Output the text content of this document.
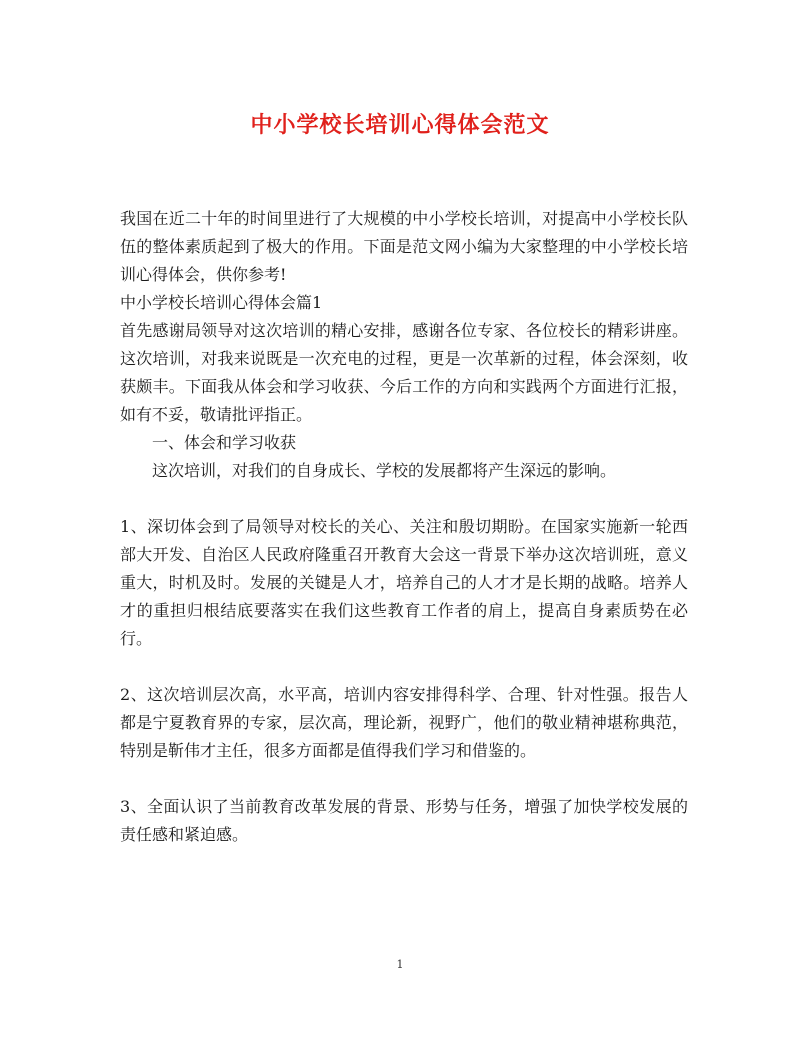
中小学校长培训心得体会范文

我国在近二十年的时间里进行了大规模的中小学校长培训，对提高中小学校长队伍的整体素质起到了极大的作用。下面是范文网小编为大家整理的中小学校长培训心得体会，供你参考!

中小学校长培训心得体会篇1

首先感谢局领导对这次培训的精心安排，感谢各位专家、各位校长的精彩讲座。这次培训，对我来说既是一次充电的过程，更是一次革新的过程，体会深刻，收获颇丰。下面我从体会和学习收获、今后工作的方向和实践两个方面进行汇报，如有不妥，敬请批评指正。

一、体会和学习收获

这次培训，对我们的自身成长、学校的发展都将产生深远的影响。

1、深切体会到了局领导对校长的关心、关注和殷切期盼。在国家实施新一轮西部大开发、自治区人民政府隆重召开教育大会这一背景下举办这次培训班，意义重大，时机及时。发展的关键是人才，培养自己的人才才是长期的战略。培养人才的重担归根结底要落实在我们这些教育工作者的肩上，提高自身素质势在必行。

2、这次培训层次高，水平高，培训内容安排得科学、合理、针对性强。报告人都是宁夏教育界的专家，层次高，理论新，视野广，他们的敬业精神堪称典范，特别是靳伟才主任，很多方面都是值得我们学习和借鉴的。

3、全面认识了当前教育改革发展的背景、形势与任务，增强了加快学校发展的责任感和紧迫感。

1
